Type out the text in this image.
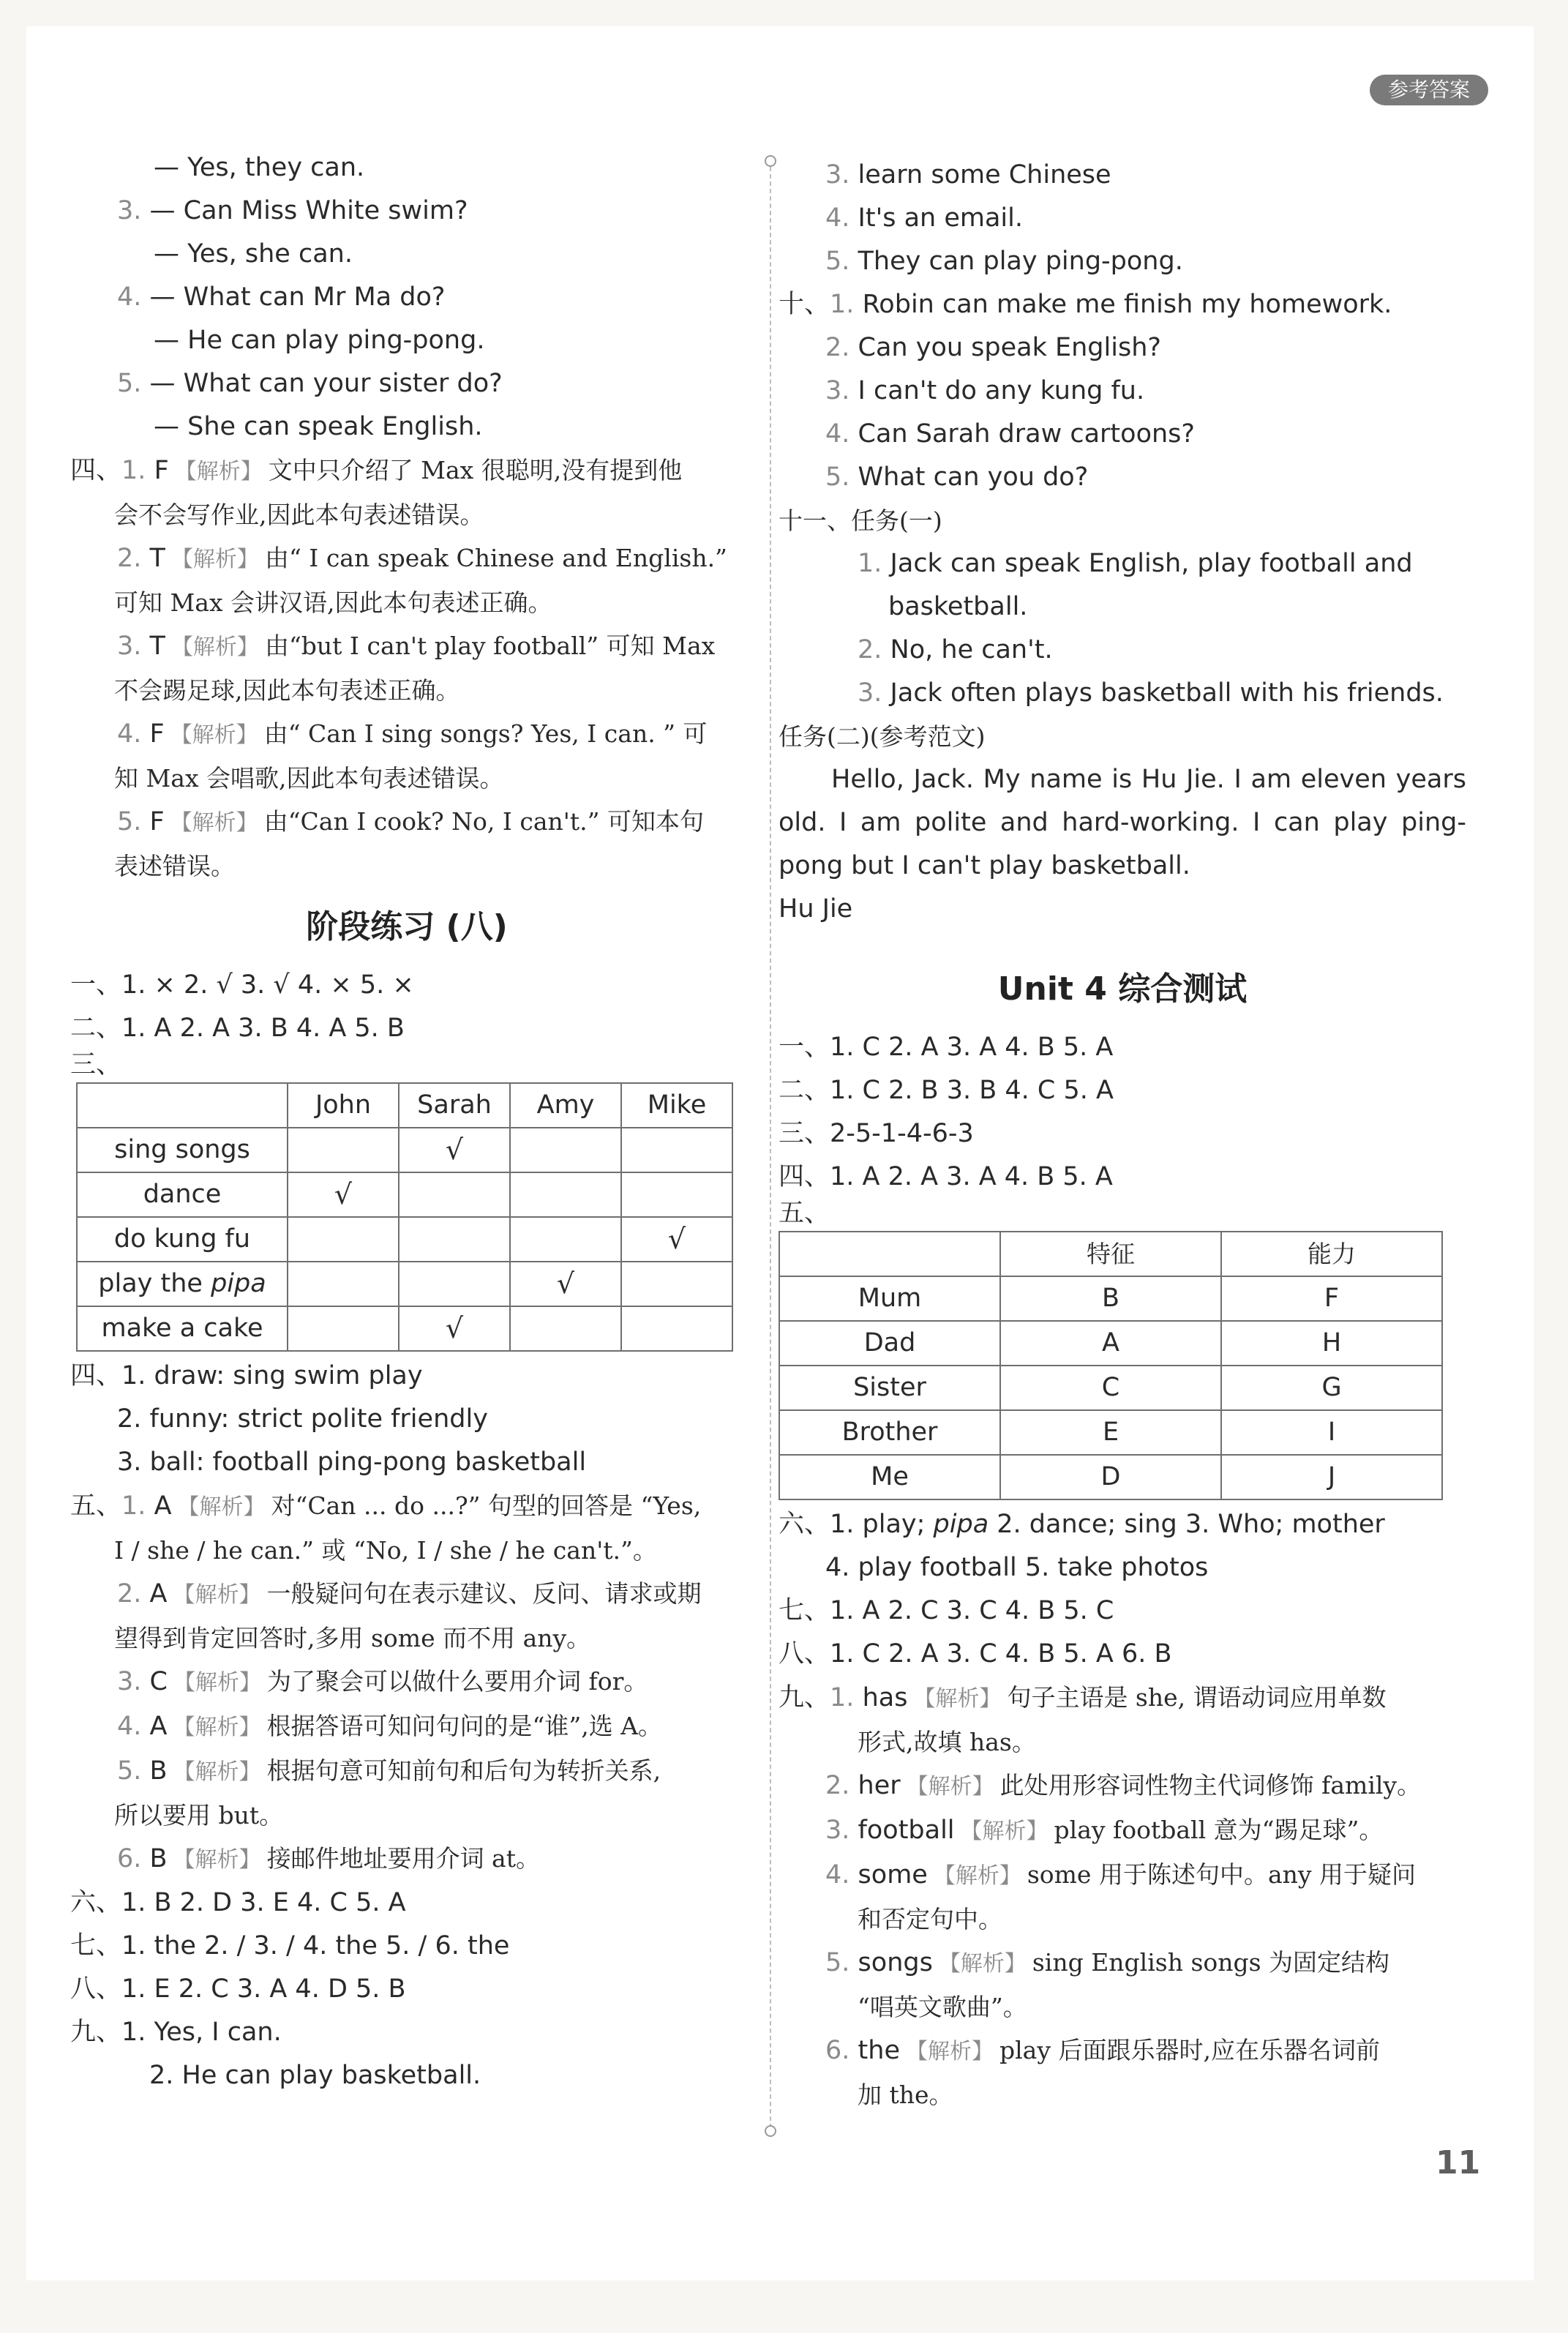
参考答案
— Yes, they can.
3. — Can Miss White swim?
— Yes, she can.
4. — What can Mr Ma do?
— He can play ping-pong.
5. — What can your sister do?
— She can speak English.
四、1. F 【解析】 文中只介绍了 Max 很聪明,没有提到他
会不会写作业,因此本句表述错误。
2. T 【解析】 由“ I can speak Chinese and English.”
可知 Max 会讲汉语,因此本句表述正确。
3. T 【解析】 由“but I can't play football” 可知 Max
不会踢足球,因此本句表述正确。
4. F 【解析】 由“ Can I sing songs? Yes, I can. ” 可
知 Max 会唱歌,因此本句表述错误。
5. F 【解析】 由“Can I cook? No, I can't.” 可知本句
表述错误。
阶段练习 (八)
一、1. × 2. √ 3. √ 4. × 5. ×
二、1. A 2. A 3. B 4. A 5. B
三、
	John	Sarah	Amy	Mike
sing songs		√		
dance	√			
do kung fu				√
play the pipa			√	
make a cake		√		
四、1. draw: sing swim play
2. funny: strict polite friendly
3. ball: football ping-pong basketball
五、1. A 【解析】 对“Can ... do ...?” 句型的回答是 “Yes,
I / she / he can.” 或 “No, I / she / he can't.”。
2. A 【解析】 一般疑问句在表示建议、反问、请求或期
望得到肯定回答时,多用 some 而不用 any。
3. C 【解析】 为了聚会可以做什么要用介词 for。
4. A 【解析】 根据答语可知问句问的是“谁”,选 A。
5. B 【解析】 根据句意可知前句和后句为转折关系,
所以要用 but。
6. B 【解析】 接邮件地址要用介词 at。
六、1. B 2. D 3. E 4. C 5. A
七、1. the 2. / 3. / 4. the 5. / 6. the
八、1. E 2. C 3. A 4. D 5. B
九、1. Yes, I can.
2. He can play basketball.
3. learn some Chinese
4. It's an email.
5. They can play ping-pong.
十、1. Robin can make me finish my homework.
2. Can you speak English?
3. I can't do any kung fu.
4. Can Sarah draw cartoons?
5. What can you do?
十一、任务(一)
1. Jack can speak English, play football and basketball.
2. No, he can't.
3. Jack often plays basketball with his friends.
任务(二)(参考范文)
Hello, Jack. My name is Hu Jie. I am eleven years old. I am polite and hard-working. I can play ping-pong but I can't play basketball.
Hu Jie
Unit 4 综合测试
一、1. C 2. A 3. A 4. B 5. A
二、1. C 2. B 3. B 4. C 5. A
三、2-5-1-4-6-3
四、1. A 2. A 3. A 4. B 5. A
五、
	特征	能力
Mum	B	F
Dad	A	H
Sister	C	G
Brother	E	I
Me	D	J
六、1. play; pipa 2. dance; sing 3. Who; mother
4. play football 5. take photos
七、1. A 2. C 3. C 4. B 5. C
八、1. C 2. A 3. C 4. B 5. A 6. B
九、1. has 【解析】 句子主语是 she, 谓语动词应用单数
形式,故填 has。
2. her 【解析】 此处用形容词性物主代词修饰 family。
3. football 【解析】 play football 意为“踢足球”。
4. some 【解析】 some 用于陈述句中。any 用于疑问
和否定句中。
5. songs 【解析】 sing English songs 为固定结构
“唱英文歌曲”。
6. the 【解析】 play 后面跟乐器时,应在乐器名词前
加 the。
11
